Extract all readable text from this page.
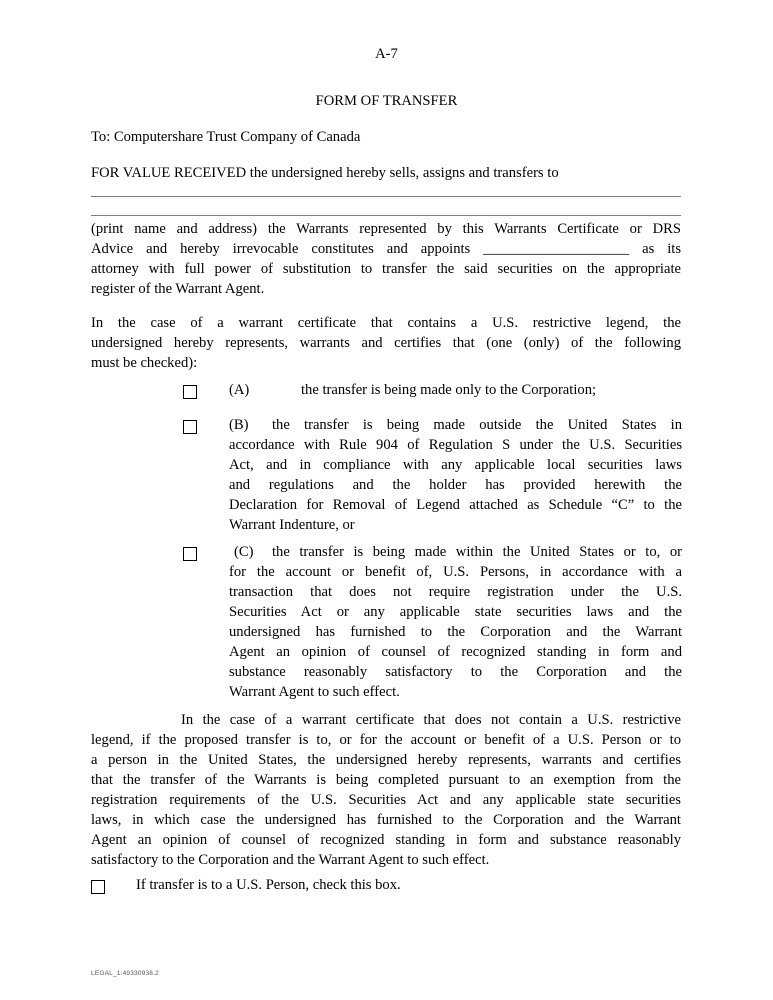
A-7
FORM OF TRANSFER
To: Computershare Trust Company of Canada
FOR VALUE RECEIVED the undersigned hereby sells, assigns and transfers to
(print name and address) the Warrants represented by this Warrants Certificate or DRS
Advice and hereby irrevocable constitutes and appoints ____________________ as its
attorney with full power of substitution to transfer the said securities on the appropriate
register of the Warrant Agent.
In the case of a warrant certificate that contains a U.S. restrictive legend, the
undersigned hereby represents, warrants and certifies that (one (only) of the following
must be checked):
(A)	the transfer is being made only to the Corporation;
(B) the transfer is being made outside the United States in
accordance with Rule 904 of Regulation S under the U.S. Securities
Act, and in compliance with any applicable local securities laws
and regulations and the holder has provided herewith the
Declaration for Removal of Legend attached as Schedule “C” to the
Warrant Indenture, or
(C) the transfer is being made within the United States or to, or
for the account or benefit of, U.S. Persons, in accordance with a
transaction that does not require registration under the U.S.
Securities Act or any applicable state securities laws and the
undersigned has furnished to the Corporation and the Warrant
Agent an opinion of counsel of recognized standing in form and
substance reasonably satisfactory to the Corporation and the
Warrant Agent to such effect.
In the case of a warrant certificate that does not contain a U.S. restrictive
legend, if the proposed transfer is to, or for the account or benefit of a U.S. Person or to
a person in the United States, the undersigned hereby represents, warrants and certifies
that the transfer of the Warrants is being completed pursuant to an exemption from the
registration requirements of the U.S. Securities Act and any applicable state securities
laws, in which case the undersigned has furnished to the Corporation and the Warrant
Agent an opinion of counsel of recognized standing in form and substance reasonably
satisfactory to the Corporation and the Warrant Agent to such effect.
If transfer is to a U.S. Person, check this box.
LEGAL_1:49330938.2
